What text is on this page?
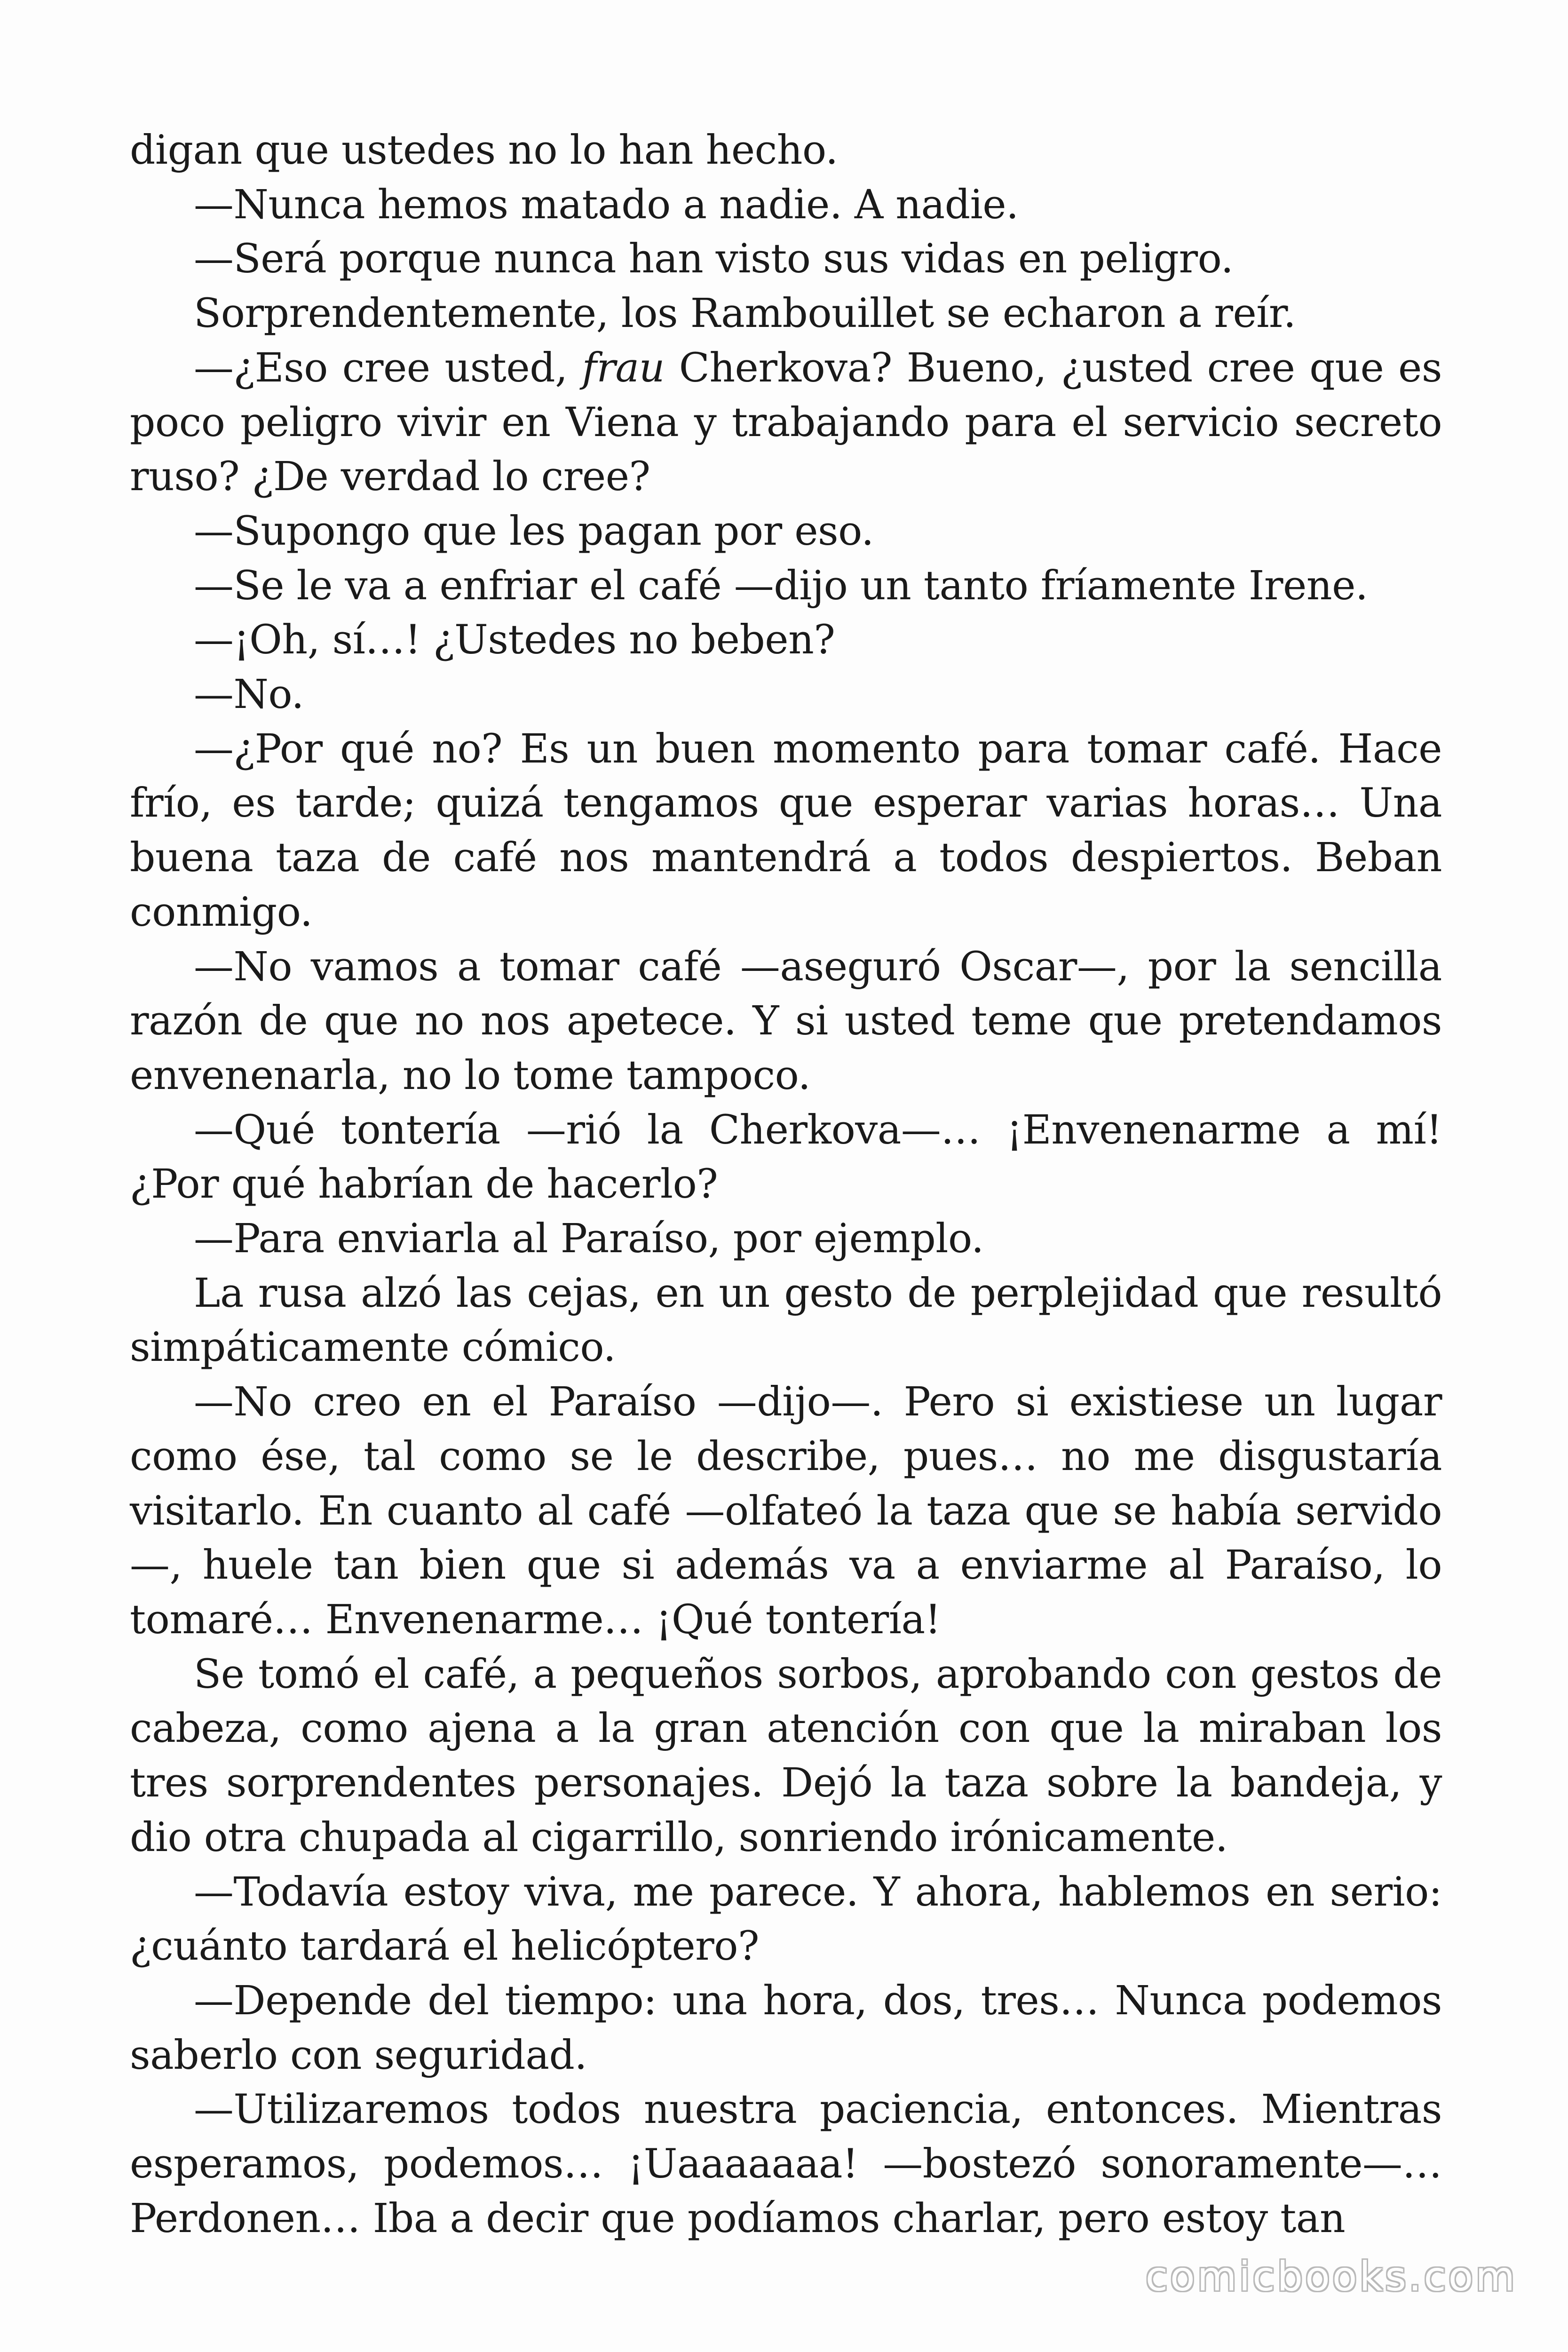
digan que ustedes no lo han hecho.

—Nunca hemos matado a nadie. A nadie.

—Será porque nunca han visto sus vidas en peligro.

Sorprendentemente, los Rambouillet se echaron a reír.

—¿Eso cree usted, frau Cherkova? Bueno, ¿usted cree que es poco peligro vivir en Viena y trabajando para el servicio secreto ruso? ¿De verdad lo cree?

—Supongo que les pagan por eso.

—Se le va a enfriar el café —dijo un tanto fríamente Irene.

—¡Oh, sí…! ¿Ustedes no beben?

—No.

—¿Por qué no? Es un buen momento para tomar café. Hace frío, es tarde; quizá tengamos que esperar varias horas… Una buena taza de café nos mantendrá a todos despiertos. Beban conmigo.

—No vamos a tomar café —aseguró Oscar—, por la sencilla razón de que no nos apetece. Y si usted teme que pretendamos envenenarla, no lo tome tampoco.

—Qué tontería —rió la Cherkova—… ¡Envenenarme a mí! ¿Por qué habrían de hacerlo?

—Para enviarla al Paraíso, por ejemplo.

La rusa alzó las cejas, en un gesto de perplejidad que resultó simpáticamente cómico.

—No creo en el Paraíso —dijo—. Pero si existiese un lugar como ése, tal como se le describe, pues… no me disgustaría visitarlo. En cuanto al café —olfateó la taza que se había servido—, huele tan bien que si además va a enviarme al Paraíso, lo tomaré… Envenenarme… ¡Qué tontería!

Se tomó el café, a pequeños sorbos, aprobando con gestos de cabeza, como ajena a la gran atención con que la miraban los tres sorprendentes personajes. Dejó la taza sobre la bandeja, y dio otra chupada al cigarrillo, sonriendo irónicamente.

—Todavía estoy viva, me parece. Y ahora, hablemos en serio: ¿cuánto tardará el helicóptero?

—Depende del tiempo: una hora, dos, tres… Nunca podemos saberlo con seguridad.

—Utilizaremos todos nuestra paciencia, entonces. Mientras esperamos, podemos… ¡Uaaaaaaa! —bostezó sonoramente—… Perdonen… Iba a decir que podíamos charlar, pero estoy tan

comicbooks.com
